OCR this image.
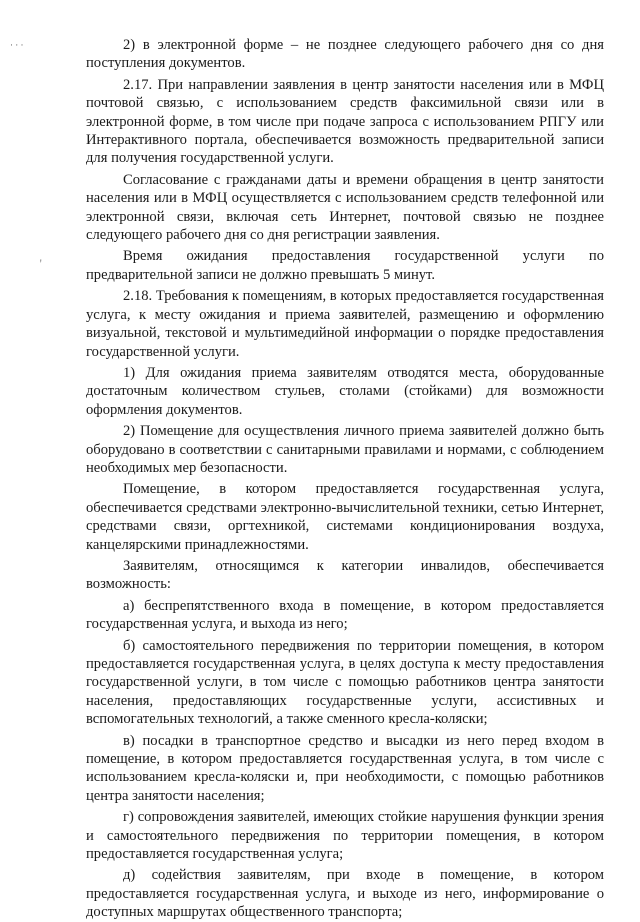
· · ·
ꞌ

2) в электронной форме – не позднее следующего рабочего дня со дня поступления документов.

2.17. При направлении заявления в центр занятости населения или в МФЦ почтовой связью, с использованием средств факсимильной связи или в электронной форме, в том числе при подаче запроса с использованием РПГУ или Интерактивного портала, обеспечивается возможность предварительной записи для получения государственной услуги.

Согласование с гражданами даты и времени обращения в центр занятости населения или в МФЦ осуществляется с использованием средств телефонной или электронной связи, включая сеть Интернет, почтовой связью не позднее следующего рабочего дня со дня регистрации заявления.

Время ожидания предоставления государственной услуги по предварительной записи не должно превышать 5 минут.

2.18. Требования к помещениям, в которых предоставляется государственная услуга, к месту ожидания и приема заявителей, размещению и оформлению визуальной, текстовой и мультимедийной информации о порядке предоставления государственной услуги.

1) Для ожидания приема заявителям отводятся места, оборудованные достаточным количеством стульев, столами (стойками) для возможности оформления документов.

2) Помещение для осуществления личного приема заявителей должно быть оборудовано в соответствии с санитарными правилами и нормами, с соблюдением необходимых мер безопасности.

Помещение, в котором предоставляется государственная услуга, обеспечивается средствами электронно-вычислительной техники, сетью Интернет, средствами связи, оргтехникой, системами кондиционирования воздуха, канцелярскими принадлежностями.

Заявителям, относящимся к категории инвалидов, обеспечивается возможность:

а) беспрепятственного входа в помещение, в котором предоставляется государственная услуга, и выхода из него;

б) самостоятельного передвижения по территории помещения, в котором предоставляется государственная услуга, в целях доступа к месту предоставления государственной услуги, в том числе с помощью работников центра занятости населения, предоставляющих государственные услуги, ассистивных и вспомогательных технологий, а также сменного кресла-коляски;

в) посадки в транспортное средство и высадки из него перед входом в помещение, в котором предоставляется государственная услуга, в том числе с использованием кресла-коляски и, при необходимости, с помощью работников центра занятости населения;

г) сопровождения заявителей, имеющих стойкие нарушения функции зрения и самостоятельного передвижения по территории помещения, в котором предоставляется государственная услуга;

д) содействия заявителям, при входе в помещение, в котором предоставляется государственная услуга, и выходе из него, информирование о доступных маршрутах общественного транспорта;
